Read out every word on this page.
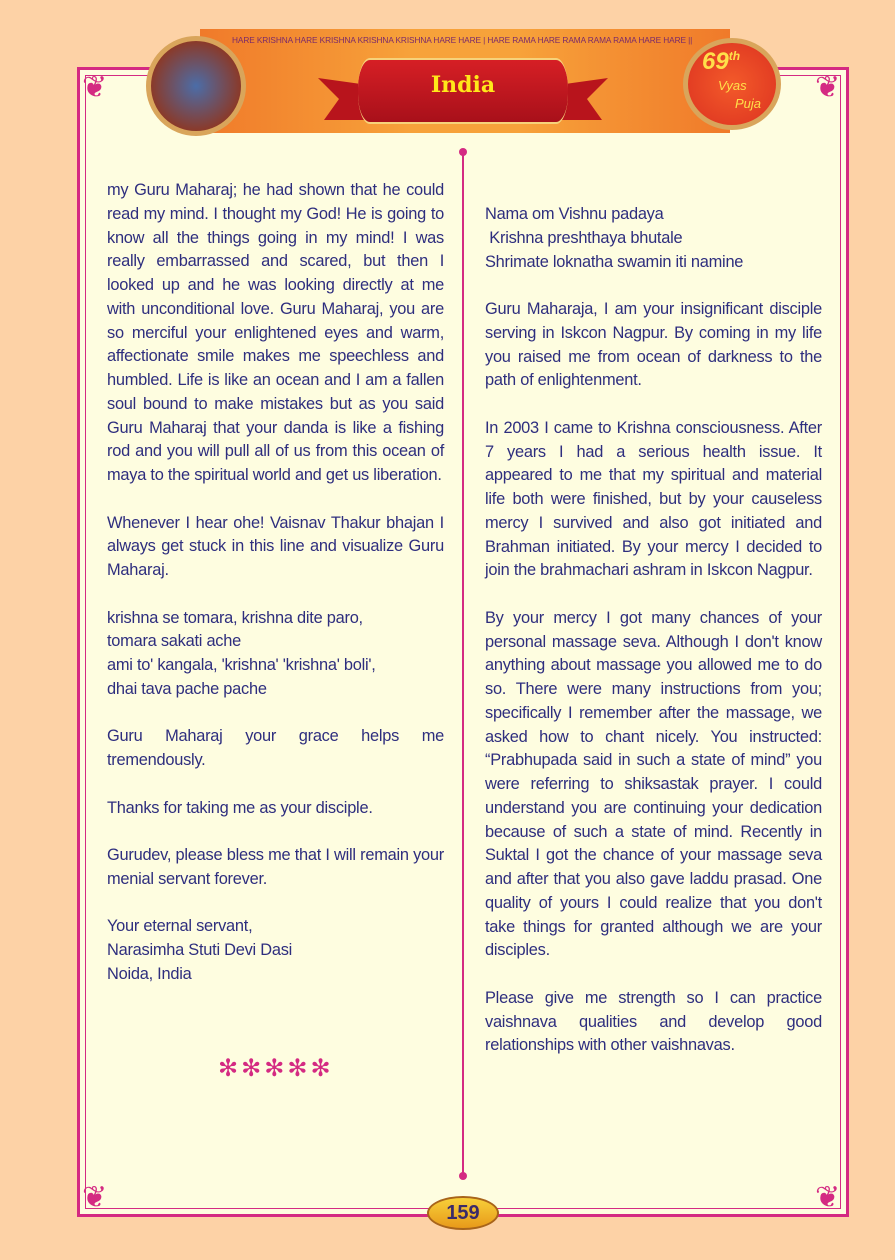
❦	❦
❦	❦
HARE KRISHNA HARE KRISHNA KRISHNA KRISHNA HARE HARE | HARE RAMA HARE RAMA RAMA RAMA HARE HARE ||
India
69th
Vyas
Puja

my Guru Maharaj; he had shown that he could read my mind. I thought my God! He is going to know all the things going in my mind! I was really embarrassed and scared, but then I looked up and he was looking directly at me with unconditional love. Guru Maharaj, you are so merciful your enlightened eyes and warm, affectionate smile makes me speechless and humbled. Life is like an ocean and I am a fallen soul bound to make mistakes but as you said Guru Maharaj that your danda is like a fishing rod and you will pull all of us from this ocean of maya to the spiritual world and get us liberation.

Whenever I hear ohe! Vaisnav Thakur bhajan I always get stuck in this line and visualize Guru Maharaj.

krishna se tomara, krishna dite paro,
tomara sakati ache
ami to' kangala, 'krishna' 'krishna' boli',
dhai tava pache pache

Guru Maharaj your grace helps me tremendously.

Thanks for taking me as your disciple.

Gurudev, please bless me that I will remain your menial servant forever.

Your eternal servant,
Narasimha Stuti Devi Dasi
Noida, India

✻✻✻✻✻

Nama om Vishnu padaya
Krishna preshthaya bhutale
Shrimate loknatha swamin iti namine

Guru Maharaja, I am your insignificant disciple serving in Iskcon Nagpur. By coming in my life you raised me from ocean of darkness to the path of enlightenment.

In 2003 I came to Krishna consciousness. After 7 years I had a serious health issue. It appeared to me that my spiritual and material life both were finished, but by your causeless mercy I survived and also got initiated and Brahman initiated. By your mercy I decided to join the brahmachari ashram in Iskcon Nagpur.

By your mercy I got many chances of your personal massage seva. Although I don't know anything about massage you allowed me to do so. There were many instructions from you; specifically I remember after the massage, we asked how to chant nicely. You instructed: “Prabhupada said in such a state of mind” you were referring to shiksastak prayer. I could understand you are continuing your dedication because of such a state of mind. Recently in Suktal I got the chance of your massage seva and after that you also gave laddu prasad. One quality of yours I could realize that you don't take things for granted although we are your disciples.

Please give me strength so I can practice vaishnava qualities and develop good relationships with other vaishnavas.

159
